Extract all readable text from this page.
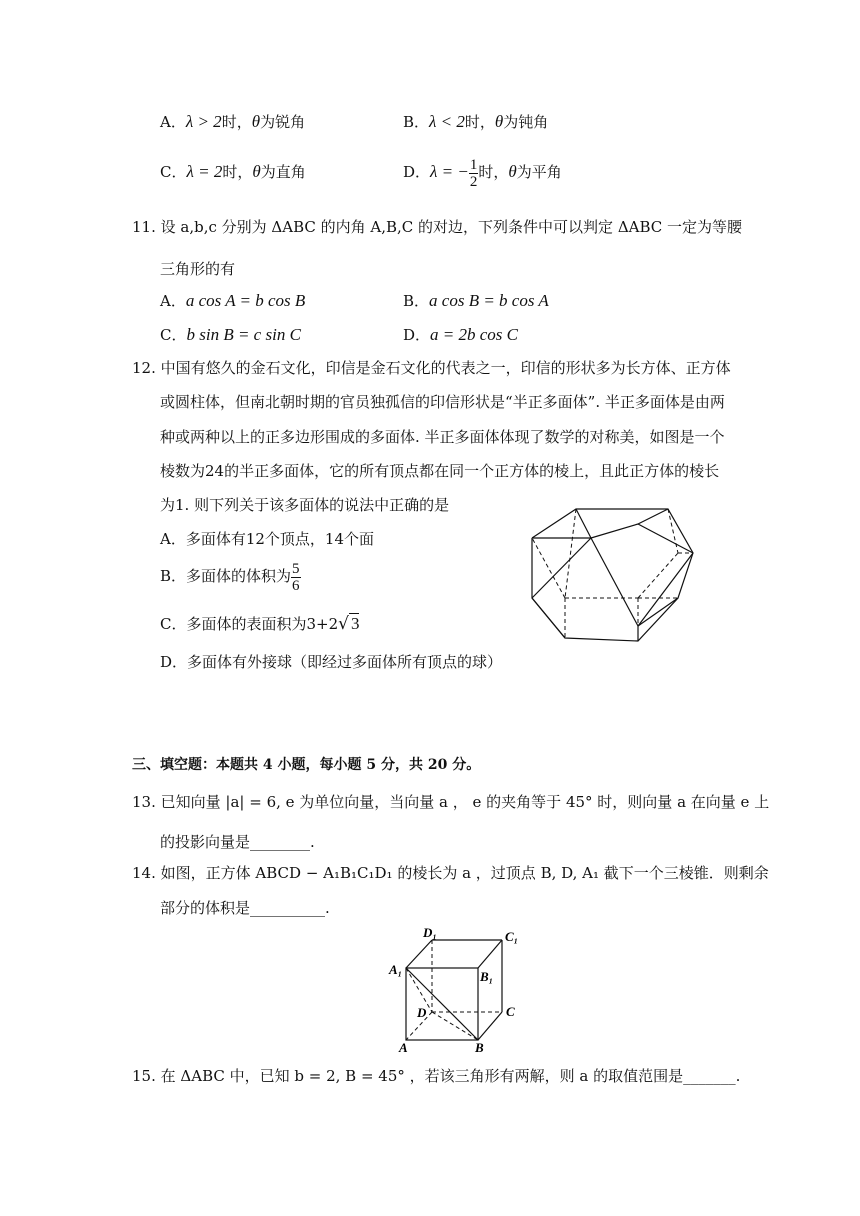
A．λ > 2时，θ为锐角	B．λ < 2时，θ为钝角
C．λ = 2时，θ为直角	D．λ = − $\frac{1}{2}$ 时，θ为平角
11. 设 a,b,c 分别为 ΔABC 的内角 A,B,C 的对边，下列条件中可以判定 ΔABC 一定为等腰
三角形的有
A．a cos A = b cos B	B．a cos B = b cos A
C．b sin B = c sin C	D．a = 2b cos C
12. 中国有悠久的金石文化，印信是金石文化的代表之一，印信的形状多为长方体、正方体
或圆柱体，但南北朝时期的官员独孤信的印信形状是“半正多面体”. 半正多面体是由两
种或两种以上的正多边形围成的多面体. 半正多面体体现了数学的对称美，如图是一个
棱数为24的半正多面体，它的所有顶点都在同一个正方体的棱上，且此正方体的棱长
为1. 则下列关于该多面体的说法中正确的是
A．多面体有12个顶点，14个面
B．多面体的体积为 $\frac{5}{6}$
C．多面体的表面积为3+2√ 3
D．多面体有外接球（即经过多面体所有顶点的球）
三、填空题：本题共 4 小题，每小题 5 分，共 20 分。
13. 已知向量 |a| = 6, e 为单位向量，当向量 a ， e 的夹角等于 45° 时，则向量 a 在向量 e 上
的投影向量是________.
14. 如图，正方体 ABCD − A₁B₁C₁D₁ 的棱长为 a ，过顶点 B, D, A₁ 截下一个三棱锥．则剩余
部分的体积是__________.
D₁	C₁
A₁	B₁
D	C
A	B
15. 在 ΔABC 中，已知 b = 2, B = 45° ，若该三角形有两解，则 a 的取值范围是_______.
